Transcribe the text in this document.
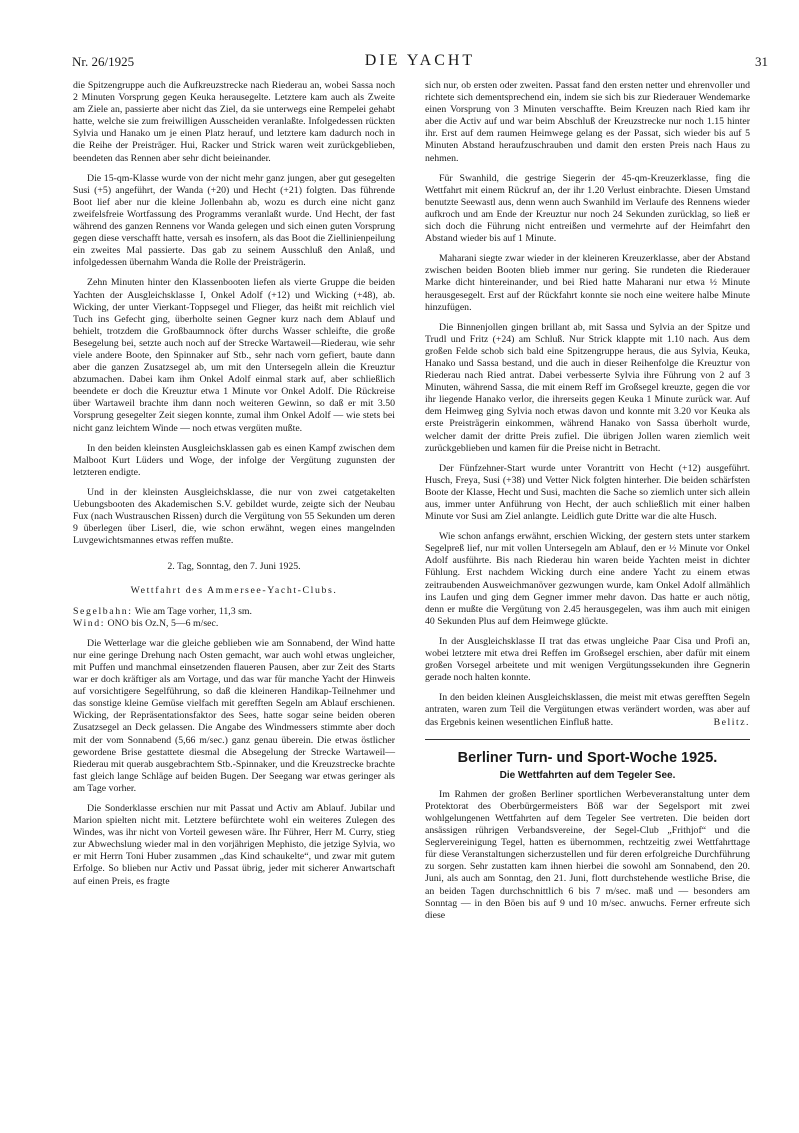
Nr. 26/1925	DIE YACHT	31

die Spitzengruppe auch die Aufkreuzstrecke nach Riederau an, wobei Sassa noch 2 Minuten Vorsprung gegen Keuka herausegelte. Letztere kam auch als Zweite am Ziele an, passierte aber nicht das Ziel, da sie unterwegs eine Rempelei gehabt hatte, welche sie zum freiwilligen Ausscheiden veranlaßte. Infolgedessen rückten Sylvia und Hanako um je einen Platz herauf, und letztere kam dadurch noch in die Reihe der Preisträger. Hui, Racker und Strick waren weit zurückgeblieben, beendeten das Rennen aber sehr dicht beieinander.

Die 15-qm-Klasse wurde von der nicht mehr ganz jungen, aber gut gesegelten Susi (+5) angeführt, der Wanda (+20) und Hecht (+21) folgten. Das führende Boot lief aber nur die kleine Jollenbahn ab, wozu es durch eine nicht ganz zweifelsfreie Wortfassung des Programms veranlaßt wurde. Und Hecht, der fast während des ganzen Rennens vor Wanda gelegen und sich einen guten Vorsprung gegen diese verschafft hatte, versah es insofern, als das Boot die Ziellinienpeilung ein zweites Mal passierte. Das gab zu seinem Ausschluß den Anlaß, und infolgedessen übernahm Wanda die Rolle der Preisträgerin.

Zehn Minuten hinter den Klassenbooten liefen als vierte Gruppe die beiden Yachten der Ausgleichsklasse I, Onkel Adolf (+12) und Wicking (+48), ab. Wicking, der unter Vierkant-Toppsegel und Flieger, das heißt mit reichlich viel Tuch ins Gefecht ging, überholte seinen Gegner kurz nach dem Ablauf und behielt, trotzdem die Großbaumnock öfter durchs Wasser schleifte, die große Besegelung bei, setzte auch noch auf der Strecke Wartaweil—Riederau, wie sehr viele andere Boote, den Spinnaker auf Stb., sehr nach vorn gefiert, baute dann aber die ganzen Zusatzsegel ab, um mit den Untersegeln allein die Kreuztur abzumachen. Dabei kam ihm Onkel Adolf einmal stark auf, aber schließlich beendete er doch die Kreuztur etwa 1 Minute vor Onkel Adolf. Die Rückreise über Wartaweil brachte ihm dann noch weiteren Gewinn, so daß er mit 3.50 Vorsprung gesegelter Zeit siegen konnte, zumal ihm Onkel Adolf — wie stets bei nicht ganz leichtem Winde — noch etwas vergüten mußte.

In den beiden kleinsten Ausgleichsklassen gab es einen Kampf zwischen dem Malboot Kurt Lüders und Woge, der infolge der Vergütung zugunsten der letzteren endigte.

Und in der kleinsten Ausgleichsklasse, die nur von zwei catgetakelten Uebungsbooten des Akademischen S.V. gebildet wurde, zeigte sich der Neubau Fux (nach Wustrauschen Rissen) durch die Vergütung von 55 Sekunden um deren 9 überlegen über Liserl, die, wie schon erwähnt, wegen eines mangelnden Luvgewichtsmannes etwas reffen mußte.

2. Tag, Sonntag, den 7. Juni 1925.

Wettfahrt des Ammersee-Yacht-Clubs.

Segelbahn: Wie am Tage vorher, 11,3 sm.

Wind: ONO bis Oz.N, 5—6 m/sec.

Die Wetterlage war die gleiche geblieben wie am Sonnabend, der Wind hatte nur eine geringe Drehung nach Osten gemacht, war auch wohl etwas ungleicher, mit Puffen und manchmal einsetzenden flaueren Pausen, aber zur Zeit des Starts war er doch kräftiger als am Vortage, und das war für manche Yacht der Hinweis auf vorsichtigere Segelführung, so daß die kleineren Handikap-Teilnehmer und das sonstige kleine Gemüse vielfach mit gerefften Segeln am Ablauf erschienen. Wicking, der Repräsentationsfaktor des Sees, hatte sogar seine beiden oberen Zusatzsegel an Deck gelassen. Die Angabe des Windmessers stimmte aber doch mit der vom Sonnabend (5,66 m/sec.) ganz genau überein. Die etwas östlicher gewordene Brise gestattete diesmal die Absegelung der Strecke Wartaweil—Riederau mit querab ausgebrachtem Stb.-Spinnaker, und die Kreuzstrecke brachte fast gleich lange Schläge auf beiden Bugen. Der Seegang war etwas geringer als am Tage vorher.

Die Sonderklasse erschien nur mit Passat und Activ am Ablauf. Jubilar und Marion spielten nicht mit. Letztere befürchtete wohl ein weiteres Zulegen des Windes, was ihr nicht von Vorteil gewesen wäre. Ihr Führer, Herr M. Curry, stieg zur Abwechslung wieder mal in den vorjährigen Mephisto, die jetzige Sylvia, wo er mit Herrn Toni Huber zusammen „das Kind schaukelte“, und zwar mit gutem Erfolge. So blieben nur Activ und Passat übrig, jeder mit sicherer Anwartschaft auf einen Preis, es fragte

sich nur, ob ersten oder zweiten. Passat fand den ersten netter und ehrenvoller und richtete sich dementsprechend ein, indem sie sich bis zur Riederauer Wendemarke einen Vorsprung von 3 Minuten verschaffte. Beim Kreuzen nach Ried kam ihr aber die Activ auf und war beim Abschluß der Kreuzstrecke nur noch 1.15 hinter ihr. Erst auf dem raumen Heimwege gelang es der Passat, sich wieder bis auf 5 Minuten Abstand heraufzuschrauben und damit den ersten Preis nach Haus zu nehmen.

Für Swanhild, die gestrige Siegerin der 45-qm-Kreuzerklasse, fing die Wettfahrt mit einem Rückruf an, der ihr 1.20 Verlust einbrachte. Diesen Umstand benutzte Seewastl aus, denn wenn auch Swanhild im Verlaufe des Rennens wieder aufkroch und am Ende der Kreuztur nur noch 24 Sekunden zurücklag, so ließ er sich doch die Führung nicht entreißen und vermehrte auf der Heimfahrt den Abstand wieder bis auf 1 Minute.

Maharani siegte zwar wieder in der kleineren Kreuzerklasse, aber der Abstand zwischen beiden Booten blieb immer nur gering. Sie rundeten die Riederauer Marke dicht hintereinander, und bei Ried hatte Maharani nur etwa ½ Minute herausgesegelt. Erst auf der Rückfahrt konnte sie noch eine weitere halbe Minute hinzufügen.

Die Binnenjollen gingen brillant ab, mit Sassa und Sylvia an der Spitze und Trudl und Fritz (+24) am Schluß. Nur Strick klappte mit 1.10 nach. Aus dem großen Felde schob sich bald eine Spitzengruppe heraus, die aus Sylvia, Keuka, Hanako und Sassa bestand, und die auch in dieser Reihenfolge die Kreuztur von Riederau nach Ried antrat. Dabei verbesserte Sylvia ihre Führung von 2 auf 3 Minuten, während Sassa, die mit einem Reff im Großsegel kreuzte, gegen die vor ihr liegende Hanako verlor, die ihrerseits gegen Keuka 1 Minute zurück war. Auf dem Heimweg ging Sylvia noch etwas davon und konnte mit 3.20 vor Keuka als erste Preisträgerin einkommen, während Hanako von Sassa überholt wurde, welcher damit der dritte Preis zufiel. Die übrigen Jollen waren ziemlich weit zurückgeblieben und kamen für die Preise nicht in Betracht.

Der Fünfzehner-Start wurde unter Vorantritt von Hecht (+12) ausgeführt. Husch, Freya, Susi (+38) und Vetter Nick folgten hinterher. Die beiden schärfsten Boote der Klasse, Hecht und Susi, machten die Sache so ziemlich unter sich allein aus, immer unter Anführung von Hecht, der auch schließlich mit einer halben Minute vor Susi am Ziel anlangte. Leidlich gute Dritte war die alte Husch.

Wie schon anfangs erwähnt, erschien Wicking, der gestern stets unter starkem Segelpreß lief, nur mit vollen Untersegeln am Ablauf, den er ½ Minute vor Onkel Adolf ausführte. Bis nach Riederau hin waren beide Yachten meist in dichter Fühlung. Erst nachdem Wicking durch eine andere Yacht zu einem etwas zeitraubenden Ausweichmanöver gezwungen wurde, kam Onkel Adolf allmählich ins Laufen und ging dem Gegner immer mehr davon. Das hatte er auch nötig, denn er mußte die Vergütung von 2.45 herausgegelen, was ihm auch mit einigen 40 Sekunden Plus auf dem Heimwege glückte.

In der Ausgleichsklasse II trat das etwas ungleiche Paar Cisa und Profi an, wobei letztere mit etwa drei Reffen im Großsegel erschien, aber dafür mit einem großen Vorsegel arbeitete und mit wenigen Vergütungssekunden ihre Gegnerin gerade noch halten konnte.

In den beiden kleinen Ausgleichsklassen, die meist mit etwas gerefften Segeln antraten, waren zum Teil die Vergütungen etwas verändert worden, was aber auf das Ergebnis keinen wesentlichen Einfluß hatte.	Belitz.

Berliner Turn- und Sport-Woche 1925.
Die Wettfahrten auf dem Tegeler See.

Im Rahmen der großen Berliner sportlichen Werbeveranstaltung unter dem Protektorat des Oberbürgermeisters Böß war der Segelsport mit zwei wohlgelungenen Wettfahrten auf dem Tegeler See vertreten. Die beiden dort ansässigen rührigen Verbandsvereine, der Segel-Club „Frithjof“ und die Seglervereinigung Tegel, hatten es übernommen, rechtzeitig zwei Wettfahrttage für diese Veranstaltungen sicherzustellen und für deren erfolgreiche Durchführung zu sorgen. Sehr zustatten kam ihnen hierbei die sowohl am Sonnabend, den 20. Juni, als auch am Sonntag, den 21. Juni, flott durchstehende westliche Brise, die an beiden Tagen durchschnittlich 6 bis 7 m/sec. maß und — besonders am Sonntag — in den Böen bis auf 9 und 10 m/sec. anwuchs. Ferner erfreute sich diese
